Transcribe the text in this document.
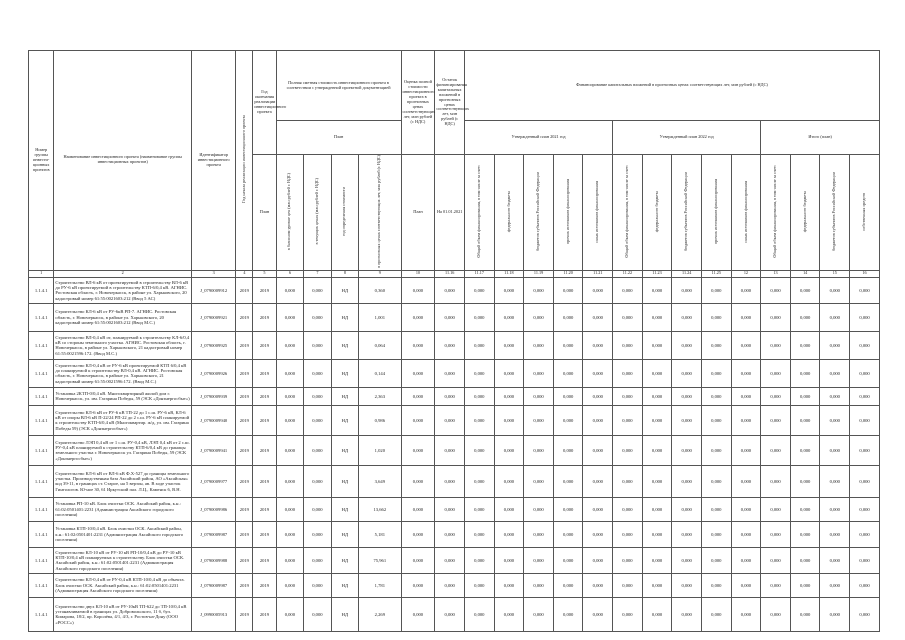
Номер группы инвести-ционных проектов	Наименование инвестиционного проекта (наименование группы инвестиционных проектов)	Идентификатор инвестиционного проекта	Год начала реализации инвестиционного проекта	Год окончания реализации инвестиционного проекта	Полная сметная стоимость инвестиционного проекта в соответствии с утвержденной проектной документацией				Оценка полной стоимости инвестиционного проекта в прогнозных ценах соответствующих лет, млн рублей (с НДС)	Остаток финансирования капитальных вложений в прогнозных ценах соответствующих лет, млн рублей (с НДС)	Финансирование капитальных вложений в прогнозных ценах соответствующих лет, млн рублей (с НДС)													
					План						Утвержденный план 2021 год					Утвержденный план 2022 год					Итого (план)			
				План	в базисном уровне цен (млн рублей с НДС)	в текущих ценах (млн рублей с НДС)	год определения стоимости	в прогнозных ценах соответствующих лет, млн рублей (с НДС)	План	На 01.01.2021	Общий объем финансирования, в том числе за счет:	федерального бюджета	бюджетов субъектов Российской Федерации	прочих источников финансирования	иных источников финансирования	Общий объем финансирования, в том числе за счет:	федерального бюджета	бюджетов субъектов Российской Федерации	прочих источников финансирования	иных источников финансирования	Общий объем финансирования, в том числе за счет:	федерального бюджета	бюджетов субъектов Российской Федерации	собственных средств
1	2	3	4	5	6	7	8	9	10	11.16	11.17	11.18	11.19	11.20	11.21	11.22	11.23	11.24	11.25	12	13	14	15	16
1.1.4.1	Строительство ВЛ-6 кВ от проектируемой в строительству ВЛ-6 кВ до РУ-6 кВ проектируемой в строительству КТП-6/0,4 кВ. АГНИС. Ростовская область, г. Новочеркасск, в районе ул. Харьковского, 20 кадастровый номер 61:55:0021603:212 (Ввод 5 АС)	J_0790009912	2019	2019	0,000	0,000	НД	0,360	0,000	0,000	0,000	0,000	0,000	0,000	0,000	0,000	0,000	0,000	0,000	0,000	0,000	0,000	0,000	0,000
1.1.4.1	Строительство КЛ-6 кВ от РУ-6кВ РП-7. АГНИС. Ростовская область, г. Новочеркасск, в районе ул. Харьковского, 20 кадастровый номер 61:55:0021603:212 (Ввод М.С.)	J_0790009921	2019	2019	0,000	0,000	НД	1,001	0,000	0,000	0,000	0,000	0,000	0,000	0,000	0,000	0,000	0,000	0,000	0,000	0,000	0,000	0,000	0,000
1.1.4.1	Строительство ВЛ-0,4 кВ от, планируемой к строительству КЛ-6/0,4 кВ со стороны земельного участка. АГНИС. Ростовская область, г. Новочеркасск, в районе ул. Харьковского, 21 кадастровый номер 61:55:0021596:172. (Ввод М.С.)	J_0790009925	2019	2019	0,000	0,000	НД	0,064	0,000	0,000	0,000	0,000	0,000	0,000	0,000	0,000	0,000	0,000	0,000	0,000	0,000	0,000	0,000	0,000
1.1.4.1	Строительство КЛ-0,4 кВ от РУ-6 кВ проектируемой КТП 6/0,4 кВ до планируемой к строительству ВЛ-0,4 кВ. АГНИС. Ростовская область, г. Новочеркасск, в районе ул. Харьковского, 21 кадастровый номер 61:55:0021596:172. (Ввод М.С.)	J_0790009926	2019	2019	0,000	0,000	НД	0,144	0,000	0,000	0,000	0,000	0,000	0,000	0,000	0,000	0,000	0,000	0,000	0,000	0,000	0,000	0,000	0,000
1.1.4.1	Установка 2КТП-0/0,4 кВ. Многоквартирный жилой дом г. Новочеркасск, ул. им. Гагарина Победы, 59 (ЭСК «Донэнергосбыт»)	J_0790009939	2019	2019	0,000	0,000	НД	2,363	0,000	0,000	0,000	0,000	0,000	0,000	0,000	0,000	0,000	0,000	0,000	0,000	0,000	0,000	0,000	0,000
1.1.4.1	Строительство КЛ-6 кВ от РУ-6 кВ ТП-22 до 1 с.ш. РУ-6 кВ, КЛ-6 кВ от опоры ВЛ-6 кВ П-22/24 РП-22 до 2 с.ш. РУ-6 кВ планируемой к строительству КТП-6/0,4 кВ (Многоквартир. ж/д, ул. им. Гагарина Победы 59) (ЭСК «Донэнергосбыт»)	J_0790009940	2019	2019	0,000	0,000	НД	0,986	0,000	0,000	0,000	0,000	0,000	0,000	0,000	0,000	0,000	0,000	0,000	0,000	0,000	0,000	0,000	0,000
1.1.4.1	Строительство ЛЭП 0,4 кВ от 1 с.ш. РУ-0,4 кВ, ЛЭП 0,4 кВ от 2 с.ш. РУ-0,4 кВ планируемой к строительству КТП-6/0,4 кВ до границы земельного участка г. Новочеркасск ул. Гагарина Победы, 59 (ЭСК «Донэнергосбыт»)	J_0790009941	2019	2019	0,000	0,000	НД	1,020	0,000	0,000	0,000	0,000	0,000	0,000	0,000	0,000	0,000	0,000	0,000	0,000	0,000	0,000	0,000	0,000
1.1.4.1	Строительство КЛ-6 кВ от ВЛ-6 кВ Ф.Х-527 до границы земельного участка. Производственная база Аксайский район, АО «Аксайская» код 39-11, в границах ст. Старое, на 5 верзон, ав. В ходе участок Гинтологов. Ю-ное 30, 61 Иркутский пал. Л.Ц., Каменск 6, В.Н.	J_0790009977	2019	2019	0,000	0,000	НД	3,649	0,000	0,000	0,000	0,000	0,000	0,000	0,000	0,000	0,000	0,000	0,000	0,000	0,000	0,000	0,000	0,000
1.1.4.1	Установка РП-10 кВ. Блок очистки ОСК. Аксайский район, к.н.: 61:02:0501401:2231 (Администрация Аксайского городского поселения)	J_0790009986	2019	2019	0,000	0,000	НД	13,662	0,000	0,000	0,000	0,000	0,000	0,000	0,000	0,000	0,000	0,000	0,000	0,000	0,000	0,000	0,000	0,000
1.1.4.1	Установка КТП-10/0,4 кВ. Блок очистки ОСК. Аксайский район, к.н.: 61:02:0501401:2231 (Администрация Аксайского городского поселения)	J_0790009987	2019	2019	0,000	0,000	НД	5,181	0,000	0,000	0,000	0,000	0,000	0,000	0,000	0,000	0,000	0,000	0,000	0,000	0,000	0,000	0,000	0,000
1.1.4.1	Строительство КЛ-10 кВ от РУ-10 кВ РП-10/0,4 кВ до РУ-10 кВ КТП-10/0,4 кВ планируемых к строительству. Блок очистки ОСК. Аксайский район, к.н.: 61:02:0501401:2231 (Администрация Аксайского городского поселения)	J_0790009988	2019	2019	0,000	0,000	НД	75,961	0,000	0,000	0,000	0,000	0,000	0,000	0,000	0,000	0,000	0,000	0,000	0,000	0,000	0,000	0,000	0,000
1.1.4.1	Строительство КЛ-0,4 кВ от РУ-0,4 кВ КТП-10/0,4 кВ до объекта. Блок очистки ОСК. Аксайский район, к.н.: 61:02:0501401:2231 (Администрация Аксайского городского поселения)	J_0790009987	2019	2019	0,000	0,000	НД	1,781	0,000	0,000	0,000	0,000	0,000	0,000	0,000	0,000	0,000	0,000	0,000	0,000	0,000	0,000	0,000	0,000
1.1.4.1	Строительство двух КЛ-10 кВ от РУ-10кВ ТП-622 до ТП-10/0,4 кВ устанавливаемой в границах ул. Добровольского, 11 б, бул. Комарова, 18/2, пр. Королёва, 4/1, 4/3, г. Ростов-на-Дону (ООО «РОСС»)	J_0990005913	2019	2019	0,000	0,000	НД	2,269	0,000	0,000	0,000	0,000	0,000	0,000	0,000	0,000	0,000	0,000	0,000	0,000	0,000	0,000	0,000	0,000
